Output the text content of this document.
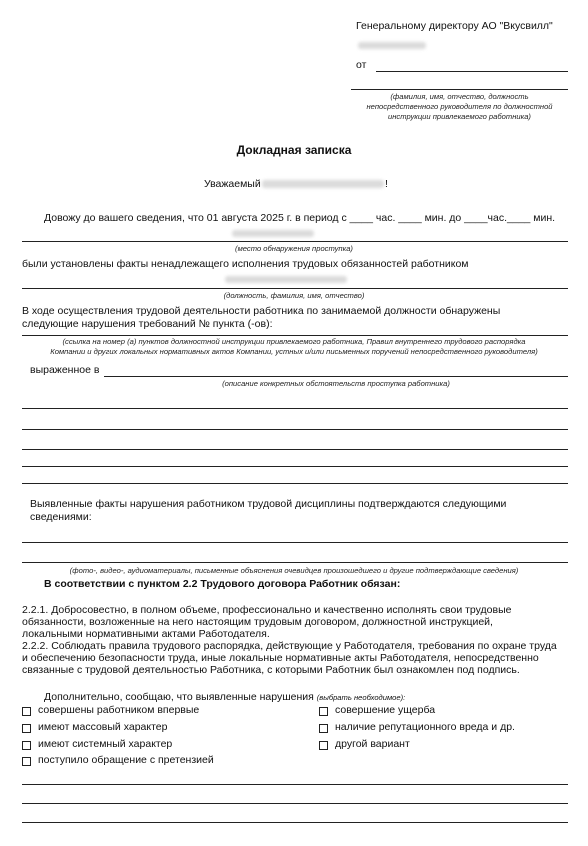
Генеральному директору АО "Вкусвилл"
от
(фамилия, имя, отчество, должность
непосредственного руководителя по должностной
инструкции привлекаемого работника)
Докладная записка
Уважаемый	!
Довожу до вашего сведения, что 01 августа 2025 г. в период с ____ час. ____ мин. до ____час.____ мин.
(место обнаружения проступка)
были установлены факты ненадлежащего исполнения трудовых обязанностей работником
(должность, фамилия, имя, отчество)
В ходе осуществления трудовой деятельности работника по занимаемой должности обнаружены
следующие нарушения требований № пункта (-ов):
(ссылка на номер (а) пунктов должностной инструкции привлекаемого работника, Правил внутреннего трудового распорядка
Компании и других локальных нормативных актов Компании, устных и/или письменных поручений непосредственного руководителя)
выраженное в
(описание конкретных обстоятельств проступка работника)
Выявленные факты нарушения работником трудовой дисциплины подтверждаются следующими
сведениями:
(фото-, видео-, аудиоматериалы, письменные объяснения очевидцев произошедшего и другие подтверждающие сведения)
В соответствии с пунктом 2.2 Трудового договора Работник обязан:
2.2.1. Добросовестно, в полном объеме, профессионально и качественно исполнять свои трудовые
обязанности, возложенные на него настоящим трудовым договором, должностной инструкцией,
локальными нормативными актами Работодателя.
2.2.2. Соблюдать правила трудового распорядка, действующие у Работодателя, требования по охране труда
и обеспечению безопасности труда, иные локальные нормативные акты Работодателя, непосредственно
связанные с трудовой деятельностью Работника, с которыми Работник был ознакомлен под подпись.
Дополнительно, сообщаю, что выявленные нарушения (выбрать необходимое):
совершены работником впервые
имеют массовый характер
имеют системный характер
поступило обращение с претензией
совершение ущерба
наличие репутационного вреда и др.
другой вариант
